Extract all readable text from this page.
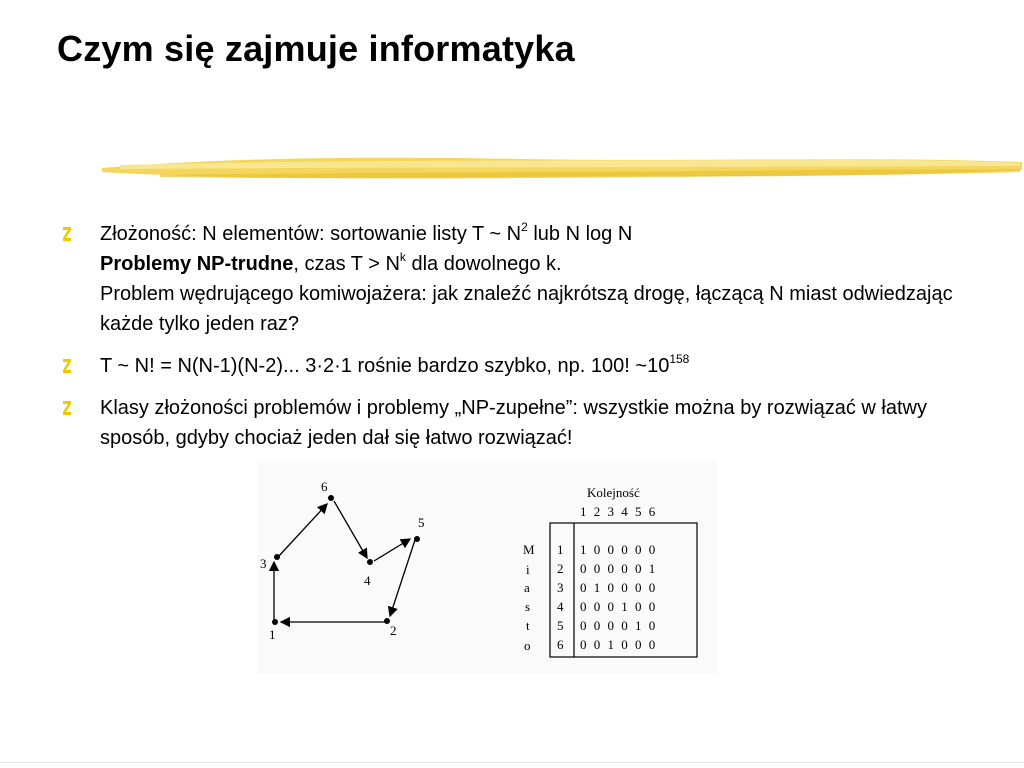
Czym się zajmuje informatyka
Złożoność: N elementów: sortowanie listy T ~ $N^2$ lub N log N
Problemy NP-trudne, czas $T > N^k$ dla dowolnego k.
Problem wędrującego komiwojażera: jak znaleźć najkrótszą drogę, łączącą N miast odwiedzając każde tylko jeden raz?
T ~ N! = N(N-1)(N-2)... 3·2·1 rośnie bardzo szybko, np. 100! $\sim 10^{158}$
Klasy złożoności problemów i problemy „NP-zupełne”: wszystkie można by rozwiązać w łatwy sposób, gdyby chociaż jeden dał się łatwo rozwiązać!
1	2
3
4
5
6	Kolejność
1 2 3 4 5 6
M
i
a
s
t
o
1
2
3
4
5
6
1 0 0 0 0 0
0 0 0 0 0 1
0 1 0 0 0 0
0 0 0 1 0 0
0 0 0 0 1 0
0 0 1 0 0 0
